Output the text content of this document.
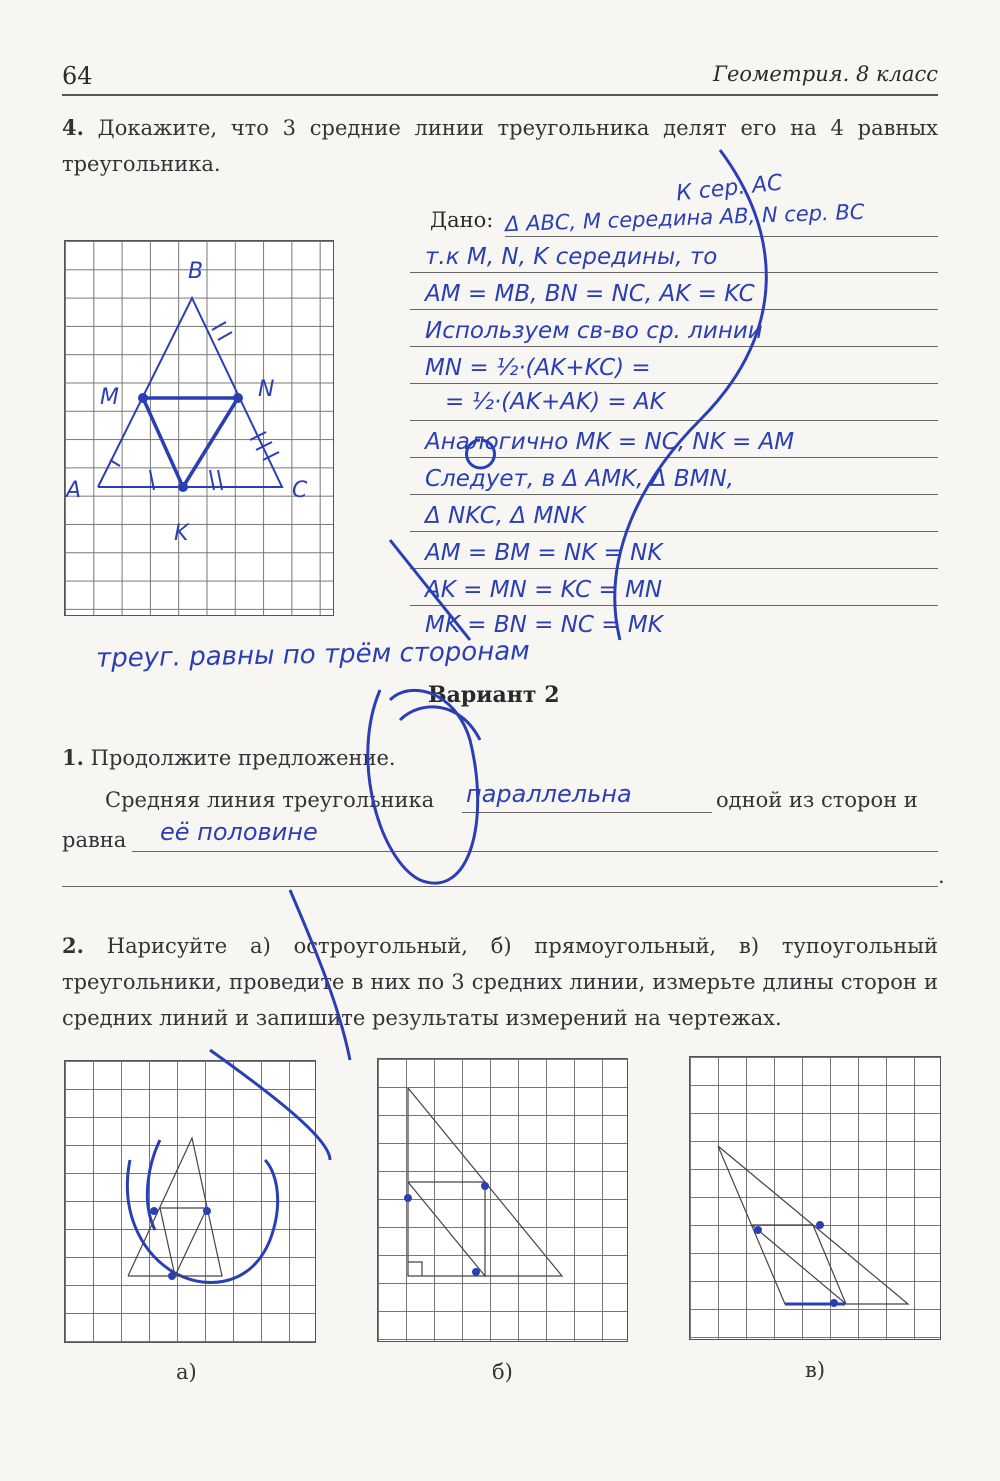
64	Геометрия. 8 класс
4. Докажите, что 3 средние линии треугольника делят его на 4 равных треугольника.
Дано:
К сер. АС
Δ ABC, M середина AB, N сер. BC
т.к M, N, K середины, то
AM = MB, BN = NC, AK = KC
Используем св-во ср. линии
MN = ½·(AK+KC) =
= ½·(AK+AK) = AK
Аналогично MK = NC, NK = AM
Следует, в Δ AMK, Δ BMN,
Δ NKC, Δ MNK
AM = BM = NK = NK
AK = MN = KC = MN
MK = BN = NC = MK
треуг. равны по трём сторонам
Вариант 2
1. Продолжите предложение.
Средняя линия треугольника	одной из сторон и
равна
.
параллельна
её половине
2. Нарисуйте а) остроугольный, б) прямоугольный, в) тупоугольный треугольники, проведите в них по 3 средних линии, измерьте длины сторон и средних линий и запишите результаты измерений на чертежах.
а)	б)	в)
B
M	N
A	C
K
